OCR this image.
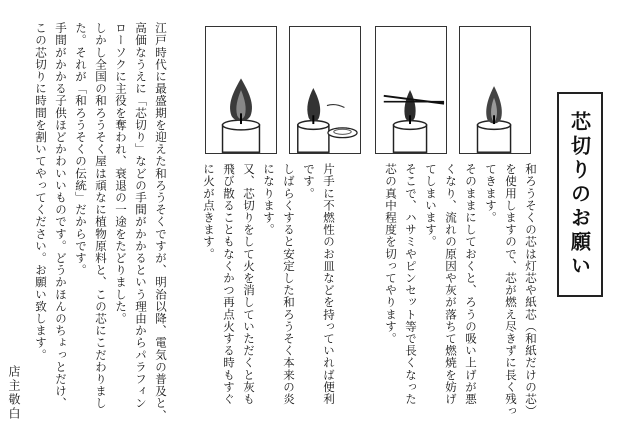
芯切りのお願い
和ろうそくの芯は灯芯や紙芯（和紙だけの芯）
を使用しますので、芯が燃え尽きずに長く残っ
てきます。
そのままにしておくと、ろうの吸い上げが悪
くなり、流れの原因や灰が落ちて燃焼を妨げ
てしまいます。
そこで、ハサミやピンセット等で長くなった
芯の真中程度を切ってやります。
片手に不燃性のお皿などを持っていれば便利
です。
しばらくすると安定した和ろうそく本来の炎
になります。
又、芯切りをして火を消していただくと灰も
飛び散ることもなくかつ再点火する時もすぐ
に火が点きます。
江戸時代に最盛期を迎えた和ろうそくですが、明治以降、電気の普及と、
高価なうえに「芯切り」などの手間がかかるという理由からパラフィン
ローソクに主役を奪われ、衰退の一途をたどりました。
しかし全国の和ろうそく屋は頑なに植物原料と、この芯にこだわりまし
た。それが「和ろうそくの伝統」だからです。
手間がかかる子供ほどかわいいものです。どうかほんのちょっとだけ、
この芯切りに時間を割いてやってください。お願い致します。
店主敬白
